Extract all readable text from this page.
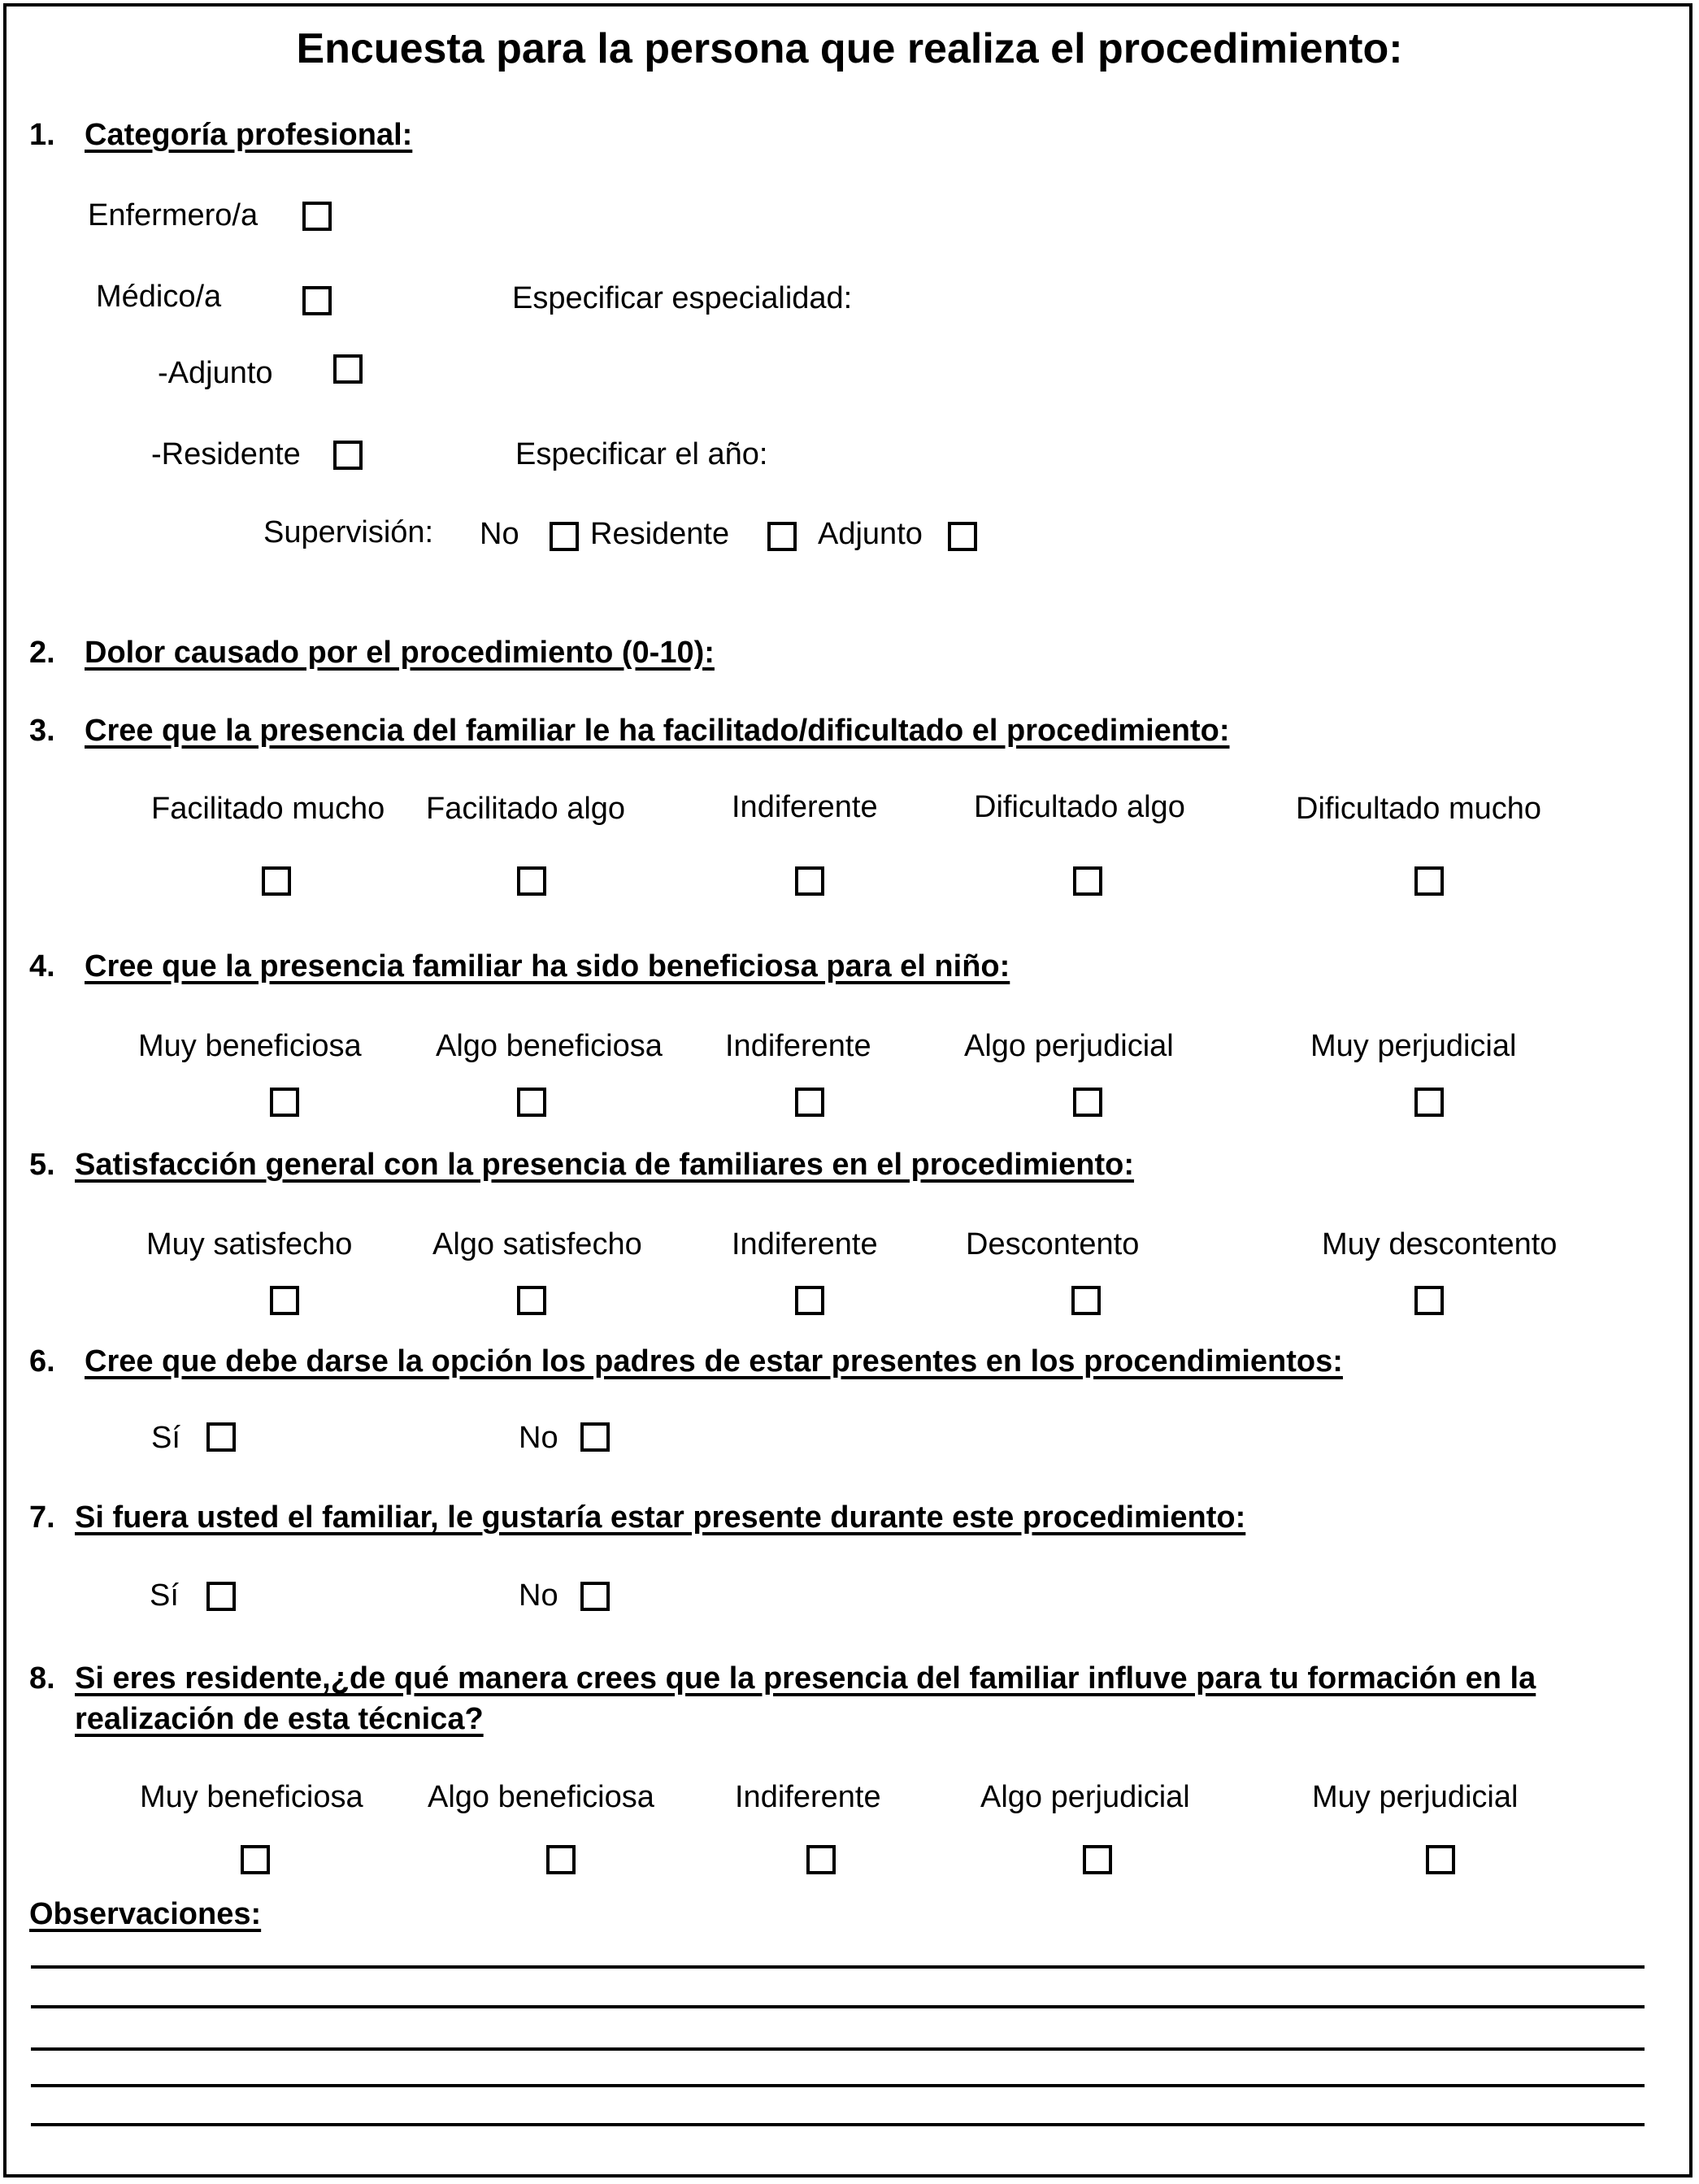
Encuesta para la persona que realiza el procedimiento:
1. Categoría profesional:
Enfermero/a
Médico/a	Especificar especialidad:
-Adjunto
-Residente	Especificar el año:
Supervisión: No Residente	Adjunto
2. Dolor causado por el procedimiento (0-10):
3. Cree que la presencia del familiar le ha facilitado/dificultado el procedimiento:
Facilitado mucho Facilitado algo	Indiferente	Dificultado algo	Dificultado mucho
4. Cree que la presencia familiar ha sido beneficiosa para el niño:
Muy beneficiosa Algo beneficiosa Indiferente	Algo perjudicial	Muy perjudicial
5. Satisfacción general con la presencia de familiares en el procedimiento:
Muy satisfecho	Algo satisfecho	Indiferente	Descontento	Muy descontento
6. Cree que debe darse la opción los padres de estar presentes en los procendimientos:
Sí	No
7. Si fuera usted el familiar, le gustaría estar presente durante este procedimiento:
Sí	No
8. Si eres residente,¿de qué manera crees que la presencia del familiar influve para tu formación en la
realización de esta técnica?
Muy beneficiosa Algo beneficiosa	Indiferente	Algo perjudicial	Muy perjudicial
Observaciones:
